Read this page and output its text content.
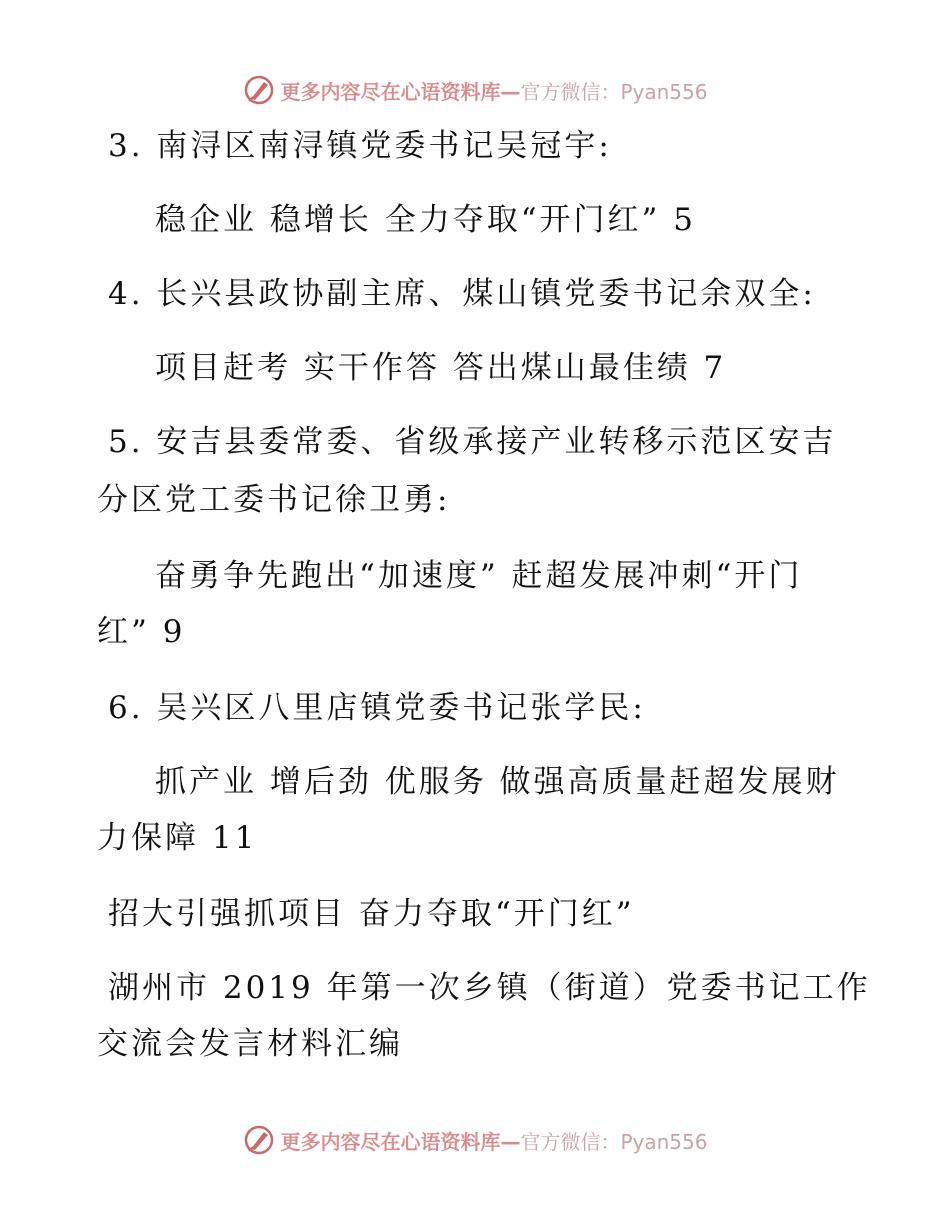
更多内容尽在心语资料库—官方微信：Pyan556
3. 南浔区南浔镇党委书记吴冠宇:
稳企业 稳增长 全力夺取“开门红” 5
4. 长兴县政协副主席、煤山镇党委书记余双全:
项目赶考 实干作答 答出煤山最佳绩 7
5. 安吉县委常委、省级承接产业转移示范区安吉
分区党工委书记徐卫勇:
奋勇争先跑出“加速度” 赶超发展冲刺“开门
红” 9
6. 吴兴区八里店镇党委书记张学民:
抓产业 增后劲 优服务 做强高质量赶超发展财
力保障 11
招大引强抓项目 奋力夺取“开门红”
湖州市 2019 年第一次乡镇（街道）党委书记工作
交流会发言材料汇编
更多内容尽在心语资料库—官方微信：Pyan556
